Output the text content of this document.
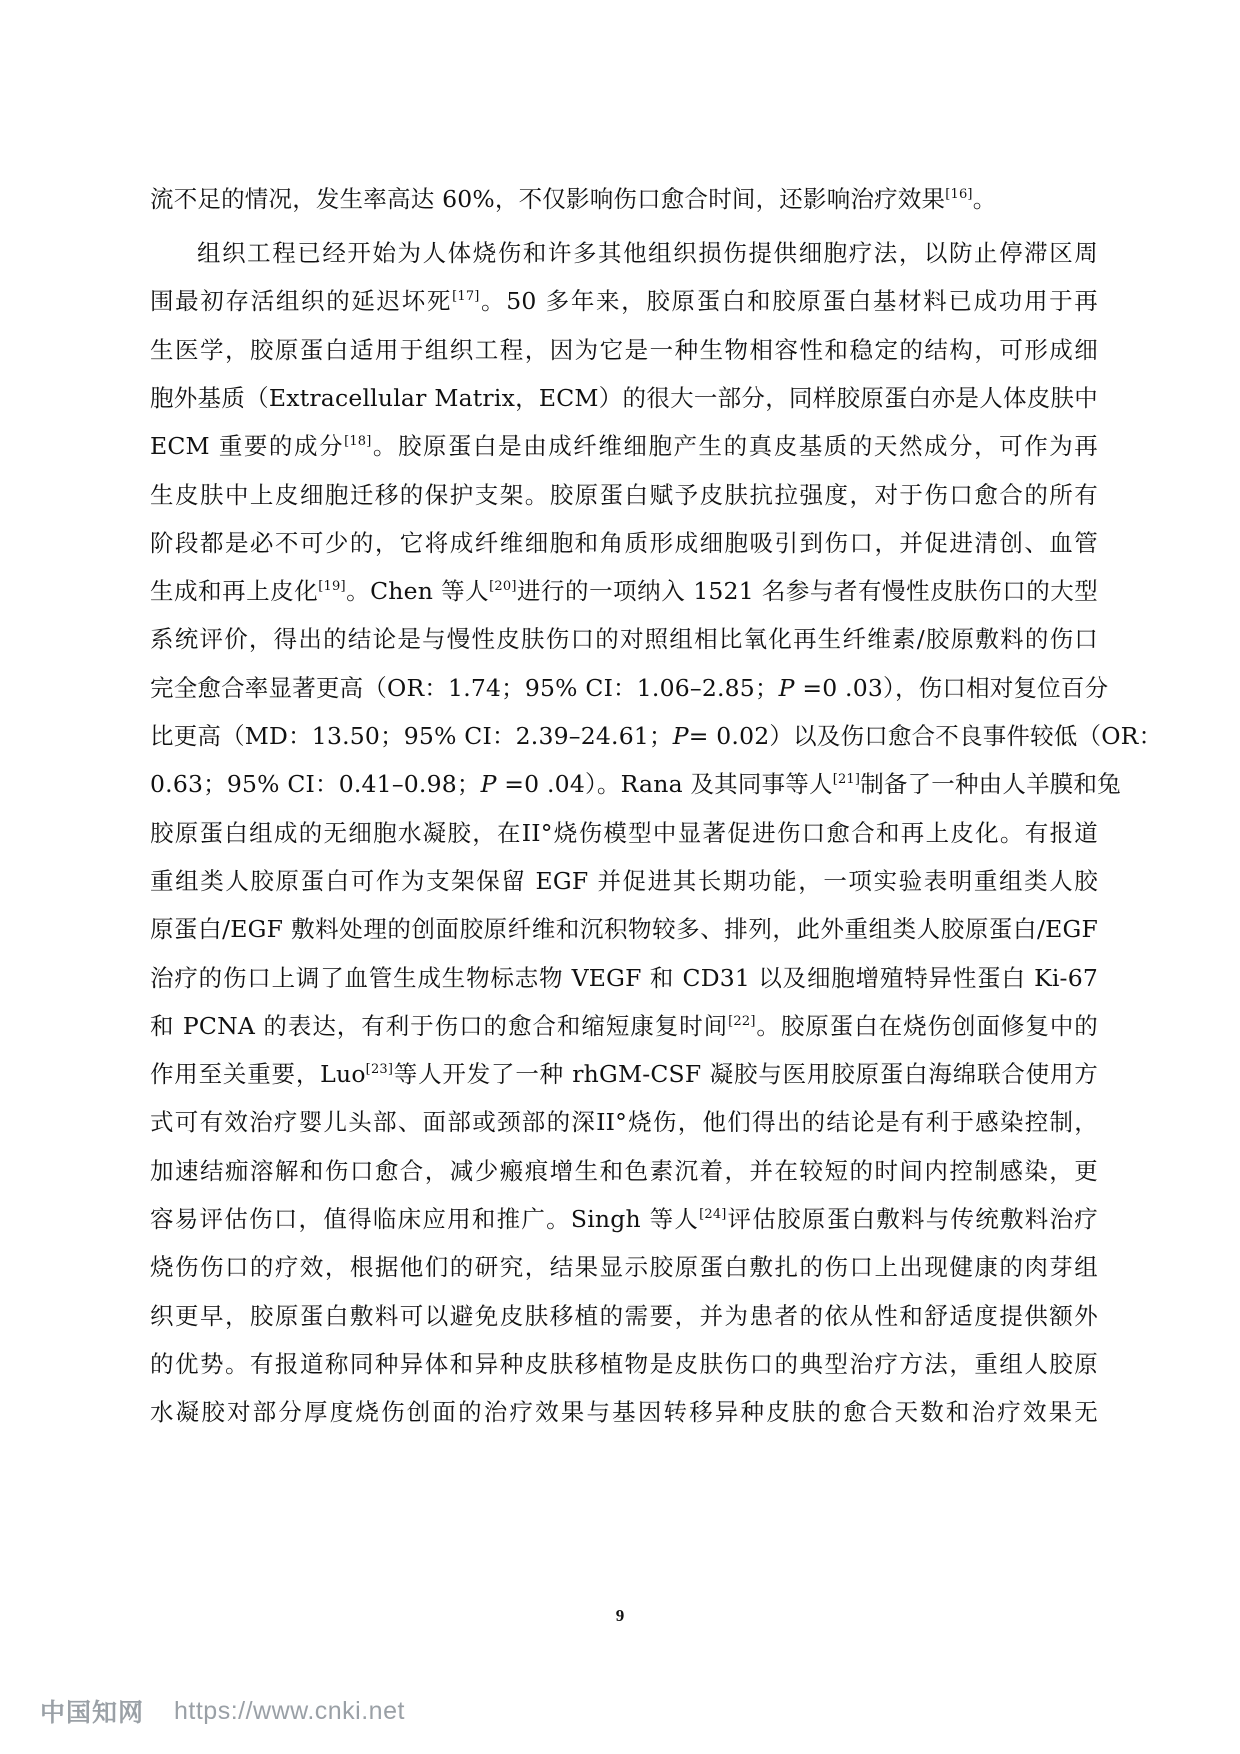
流不足的情况，发生率高达 60%，不仅影响伤口愈合时间，还影响治疗效果[16]。
组织工程已经开始为人体烧伤和许多其他组织损伤提供细胞疗法，以防止停滞区周
围最初存活组织的延迟坏死[17]。50 多年来，胶原蛋白和胶原蛋白基材料已成功用于再
生医学，胶原蛋白适用于组织工程，因为它是一种生物相容性和稳定的结构，可形成细
胞外基质（Extracellular Matrix，ECM）的很大一部分，同样胶原蛋白亦是人体皮肤中
ECM 重要的成分[18]。胶原蛋白是由成纤维细胞产生的真皮基质的天然成分，可作为再
生皮肤中上皮细胞迁移的保护支架。胶原蛋白赋予皮肤抗拉强度，对于伤口愈合的所有
阶段都是必不可少的，它将成纤维细胞和角质形成细胞吸引到伤口，并促进清创、血管
生成和再上皮化[19]。Chen 等人[20]进行的一项纳入 1521 名参与者有慢性皮肤伤口的大型
系统评价，得出的结论是与慢性皮肤伤口的对照组相比氧化再生纤维素/胶原敷料的伤口
完全愈合率显著更高（OR：1.74；95% CI：1.06–2.85；P =0 .03），伤口相对复位百分
比更高（MD：13.50；95% CI：2.39–24.61；P= 0.02）以及伤口愈合不良事件较低（OR：
0.63；95% CI：0.41–0.98；P =0 .04）。Rana 及其同事等人[21]制备了一种由人羊膜和兔
胶原蛋白组成的无细胞水凝胶，在II°烧伤模型中显著促进伤口愈合和再上皮化。有报道
重组类人胶原蛋白可作为支架保留 EGF 并促进其长期功能，一项实验表明重组类人胶
原蛋白/EGF 敷料处理的创面胶原纤维和沉积物较多、排列，此外重组类人胶原蛋白/EGF
治疗的伤口上调了血管生成生物标志物 VEGF 和 CD31 以及细胞增殖特异性蛋白 Ki-67
和 PCNA 的表达，有利于伤口的愈合和缩短康复时间[22]。胶原蛋白在烧伤创面修复中的
作用至关重要，Luo[23]等人开发了一种 rhGM-CSF 凝胶与医用胶原蛋白海绵联合使用方
式可有效治疗婴儿头部、面部或颈部的深II°烧伤，他们得出的结论是有利于感染控制，
加速结痂溶解和伤口愈合，减少瘢痕增生和色素沉着，并在较短的时间内控制感染，更
容易评估伤口，值得临床应用和推广。Singh 等人[24]评估胶原蛋白敷料与传统敷料治疗
烧伤伤口的疗效，根据他们的研究，结果显示胶原蛋白敷扎的伤口上出现健康的肉芽组
织更早，胶原蛋白敷料可以避免皮肤移植的需要，并为患者的依从性和舒适度提供额外
的优势。有报道称同种异体和异种皮肤移植物是皮肤伤口的典型治疗方法，重组人胶原
水凝胶对部分厚度烧伤创面的治疗效果与基因转移异种皮肤的愈合天数和治疗效果无
9
中国知网 https://www.cnki.net
